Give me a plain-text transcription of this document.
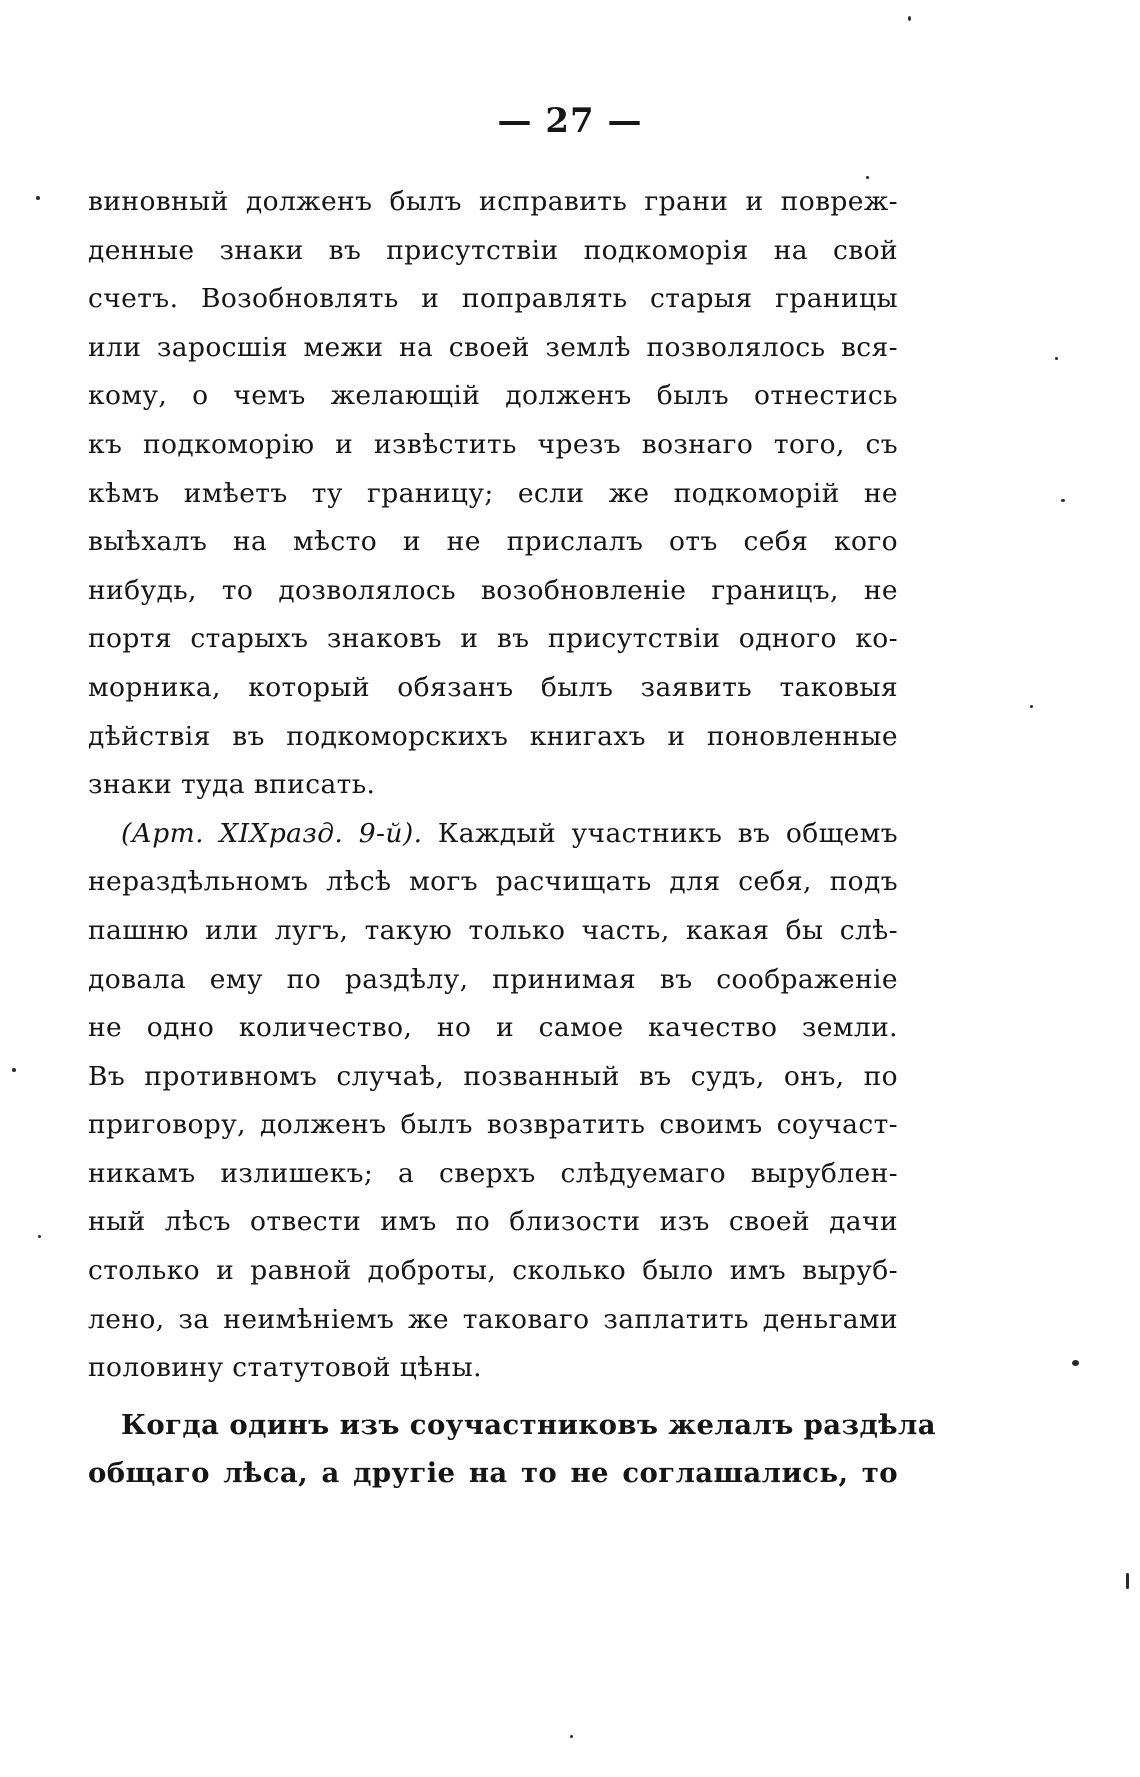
— 27 —
виновный долженъ былъ исправить грани и повреж-
денные знаки въ присутствіи подкоморія на свой
счетъ. Возобновлять и поправлять старыя границы
или заросшія межи на своей землѣ позволялось вся-
кому, о чемъ желающій долженъ былъ отнестись
къ подкоморію и извѣстить чрезъ вознаго того, съ
кѣмъ имѣетъ ту границу; если же подкоморій не
выѣхалъ на мѣсто и не прислалъ отъ себя кого
нибудь, то дозволялось возобновленіе границъ, не
портя старыхъ знаковъ и въ присутствіи одного ко-
морника, который обязанъ былъ заявить таковыя
дѣйствія въ подкоморскихъ книгахъ и поновленные
знаки туда вписать.
(Арт. XIXразд. 9-й). Каждый участникъ въ общемъ
нераздѣльномъ лѣсѣ могъ расчищать для себя, подъ
пашню или лугъ, такую только часть, какая бы слѣ-
довала ему по раздѣлу, принимая въ соображеніе
не одно количество, но и самое качество земли.
Въ противномъ случаѣ, позванный въ судъ, онъ, по
приговору, долженъ былъ возвратить своимъ соучаст-
никамъ излишекъ; а сверхъ слѣдуемаго вырублен-
ный лѣсъ отвести имъ по близости изъ своей дачи
столько и равной доброты, сколько было имъ выруб-
лено, за неимѣніемъ же таковаго заплатить деньгами
половину статутовой цѣны.
Когда одинъ изъ соучастниковъ желалъ раздѣла
общаго лѣса, а другіе на то не соглашались, то
